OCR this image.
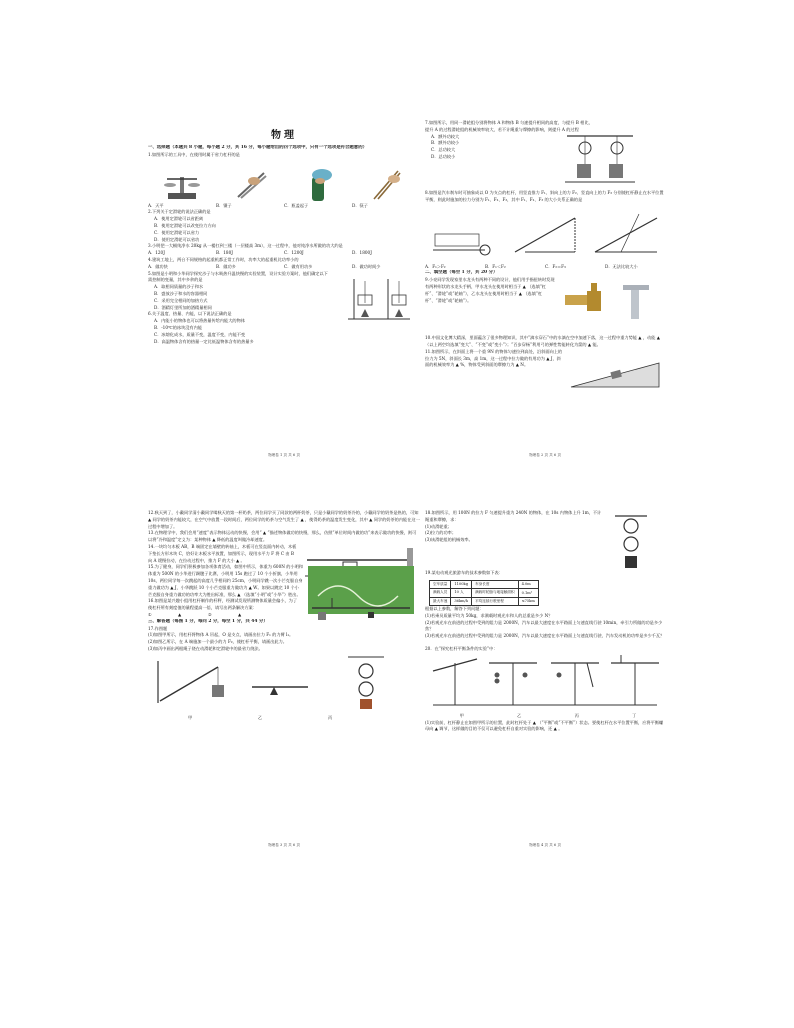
物理

一、选择题（本题共 8 小题，每小题 2 分，共 16 分，每小题给出的四个选项中，只有一个选项是符合题意的）

1.如图所示的工具中，在使用时属于省力杠杆的是

A．天平	B．镊子	C．瓶盖起子	D．筷子

2.下列关于定滑轮的说法正确的是

A．使用定滑轮可以省距离

B．使用定滑轮可以改变拉力方向

C．使用定滑轮可以省力

D．使用定滑轮可以省功

3.小明把一大桶纯净水 20kg 从一楼扛到三楼（一层楼高 3m），这一过程中，他对纯净水所做的功大约是

A．120J	B．180J	C．1200J	D．1800J

4.建筑工地上，两台不同规格的起重机都正常工作时，功率大的起重机比功率小的

A．做功快	B．做功多	C．做有用功多	D．做功时间少

5.如图是小明和小华同学探究沙子与水吸热升温快慢的实验装置，设计实验方案时，他们确定以下需控制的变量，其中多余的是

A．取相同质量的沙子和水

B．盛放沙子和水的容器相同

C．采用完全相同的加热方式

D．酒精灯里所加的酒精量相同

6.关于温度、热量、内能，以下说法正确的是

A．内能小的物体也可以将热量传给内能大的物体

B．-10℃的冰块没有内能

C．冰熔化成水，质量不变，温度不变，内能不变

D．高温物体含有的热量一定比低温物体含有的热量多

物理卷 1 页 共 6 页

7.如图所示，用同一滑轮组分别将物体 A 和物体 B 匀速提升相同的高度，与提升 B 相比，提升 A 的过程滑轮组的机械效率较大，若不计绳重与摩擦的影响，则提升 A 的过程

A．额外功较大

B．额外功较小

C．总功较大

D．总功较小

8.如图是汽车刹车时可抽象成以 O 为支点的杠杆，用竖直推力 F₁、斜向上的力 F₂、竖直向上的力 F₃ 分别使杠杆静止在水平位置平衡，则此时施加的拉力分别为 F₁、F₂、F₃，其中 F₁、F₂、F₃ 的大小关系正确的是

A．F₁＞F₂	B．F₁＜F₂	C．F₂＝F₃	D．无法比较大小

二、填空题（每空 1 分，共 20 分）

9.小亮同学发现家里水龙头有两种不同的设计，他们用手指扭转时发现有两种形状的水龙头手柄，甲水龙头在使用时相当于 ▲ （选填“杠杆”、“滑轮”或“轮轴”），乙水龙头在使用时相当于 ▲ （选填“杠杆”、“滑轮”或“轮轴”）。

10.中国文化博大精深，里面蕴含了很多物理知识，其中“滴水穿石”中的水滴在空中加速下落，这一过程中重力势能 ▲ ，动能 ▲ （以上两空均选填“变大”、“不变”或“变小”）；“百步穿杨”利用弓的弹性势能转化为箭的 ▲ 能。

11.如图所示，在斜面上将一个重 9N 的物体匀速拉到高处，沿斜面向上的拉力为 5N，斜面长 3m，高 1m，这一过程中拉力做的有用功为 ▲ J，斜面的机械效率为 ▲ %，物体受到斜面的摩擦力为 ▲ N。

物理卷 2 页 共 6 页

12.秋天到了，小戴同学清小戴同学喝秋天的第一杯奶茶，两位同学买了同款的两杯奶茶，只是小戴同学的奶茶冷的，小戴同学的奶茶是热的，可知 ▲ 同学的奶茶内能较大，在空气中放置一段时间后，两位同学的奶茶与空气发生了 ▲ ，使得奶茶的温度发生变化，其中 ▲ 同学的奶茶的内能在这一过程中增加了。

13.在物理学中，我们会用“速度”表示物体运动的快慢，会用“ ▲ ”描述物体做功的快慢，那么，仿照“单位时间内做的功”来表示做功的快慢，则可以将“冷和温度”定义为：某种物体 ▲ 降低的温度叫做冷却速度。

14.一块均匀木板 AB，B 端固定在墙壁的转轴上，木板可在竖直面内转动，木板下垫长方形木块 C，恰好让木板水平放置，如图所示，现用水平力 F 将 C 由 B 向 A 缓慢拉动，在拉动过程中，推力 F 的大小 ▲ 。

15.为了健身，同学们积极参加各项体育活动，如图中所示，体重为 600N 的小明和体重为 500N 的小华进行踢毽子比赛，小明用 15s 跑过了 10 个小折旗，小华用 10s，两位同学每一次跳起的高度几乎相同约 25cm，小明同学跳一次小芒克服自身重力做功为 ▲ J，小华跳跃 10 个小芒克服重力做功为 ▲ W。如果以跳完 10 个小芒克服自身重力做功的功率大为胜出标准，那么 ▲ （选填“小明”或“小华”）胜出。

16.如图是某兴趣小组用杠杆制作的杆秤，经测试发现所测物体质量会偏小，为了使杠杆所有刻度值的量程提高一倍，请写出两条解决方案：

①	▲	②	▲

三、解答题（每图 1 分，每问 2 分，每空 1 分，共 44 分）

17.作图题

(1)如图甲所示，用杠杆将物体 A 吊起，O 是支点，请画出拉力 F₁ 的力臂 l₁。

(2)如图乙所示，在 A 端施加一个最小的力 F₂，使杠杆平衡，请画出此力。

(3)如丙中画出两根绳子绕在动滑轮和定滑轮中的最省力绕法。

甲	乙	丙
物理卷 3 页 共 6 页

18.如图所示，用 100N 的拉力 F 匀速提升重为 240N 的物体，在 10s 内物体上升 1m，不计绳重和摩擦，求：

(1)动滑轮重；

(2)拉力的功率；

(3)该滑轮组的机械效率。

19.某电动观光旅游车的技术参数如下表：

空车质量	1100kg	车身长度	4.0m
满载人员	10 人	满载时轮胎与地接触面积	0.1m²
最大车速	36km/h	平均连续行驶里程	≤75km

根据以上参数，解答下列问题：

(1)若乘员质量平均为 50kg，求满载时观光车和人的总重是多少 N？

(2)若观光车在前进的过程中受到的阻力是 2000N，汽车以最大速度在水平路面上匀速直线行驶 10min，牵引力所做的功是多少焦？

(3)若观光车在前进的过程中受到的阻力是 2000N，汽车以最大速度在水平路面上匀速直线行驶，汽车发动机的功率是多少千瓦？

20．在“探究杠杆平衡条件的实验”中：

甲	乙	丙	丁

(1)实验前，杠杆静止在如图甲所示的位置，此时杠杆处于 ▲ （“平衡”或“不平衡”）状态。要使杠杆在水平位置平衡，应将平衡螺母向 ▲ 调节，这样做的目的不仅可以避免杠杆自重对实验的影响，还 ▲ 。

物理卷 4 页 共 6 页
